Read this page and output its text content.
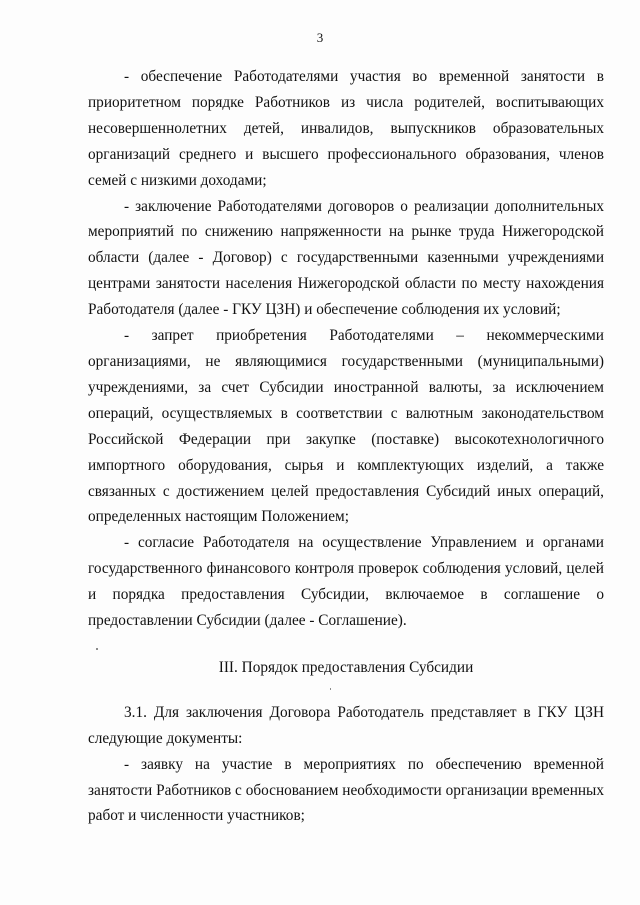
3

- обеспечение Работодателями участия во временной занятости в приоритетном порядке Работников из числа родителей, воспитывающих несовершеннолетних детей, инвалидов, выпускников образовательных организаций среднего и высшего профессионального образования, членов семей с низкими доходами;

- заключение Работодателями договоров о реализации дополнительных мероприятий по снижению напряженности на рынке труда Нижегородской области (далее - Договор) с государственными казенными учреждениями центрами занятости населения Нижегородской области по месту нахождения Работодателя (далее - ГКУ ЦЗН) и обеспечение соблюдения их условий;

- запрет приобретения Работодателями – некоммерческими организациями, не являющимися государственными (муниципальными) учреждениями, за счет Субсидии иностранной валюты, за исключением операций, осуществляемых в соответствии с валютным законодательством Российской Федерации при закупке (поставке) высокотехнологичного импортного оборудования, сырья и комплектующих изделий, а также связанных с достижением целей предоставления Субсидий иных операций, определенных настоящим Положением;

- согласие Работодателя на осуществление Управлением и органами государственного финансового контроля проверок соблюдения условий, целей и порядка предоставления Субсидии, включаемое в соглашение о предоставлении Субсидии (далее - Соглашение).

III. Порядок предоставления Субсидии

3.1. Для заключения Договора Работодатель представляет в ГКУ ЦЗН следующие документы:

- заявку на участие в мероприятиях по обеспечению временной занятости Работников с обоснованием необходимости организации временных работ и численности участников;
